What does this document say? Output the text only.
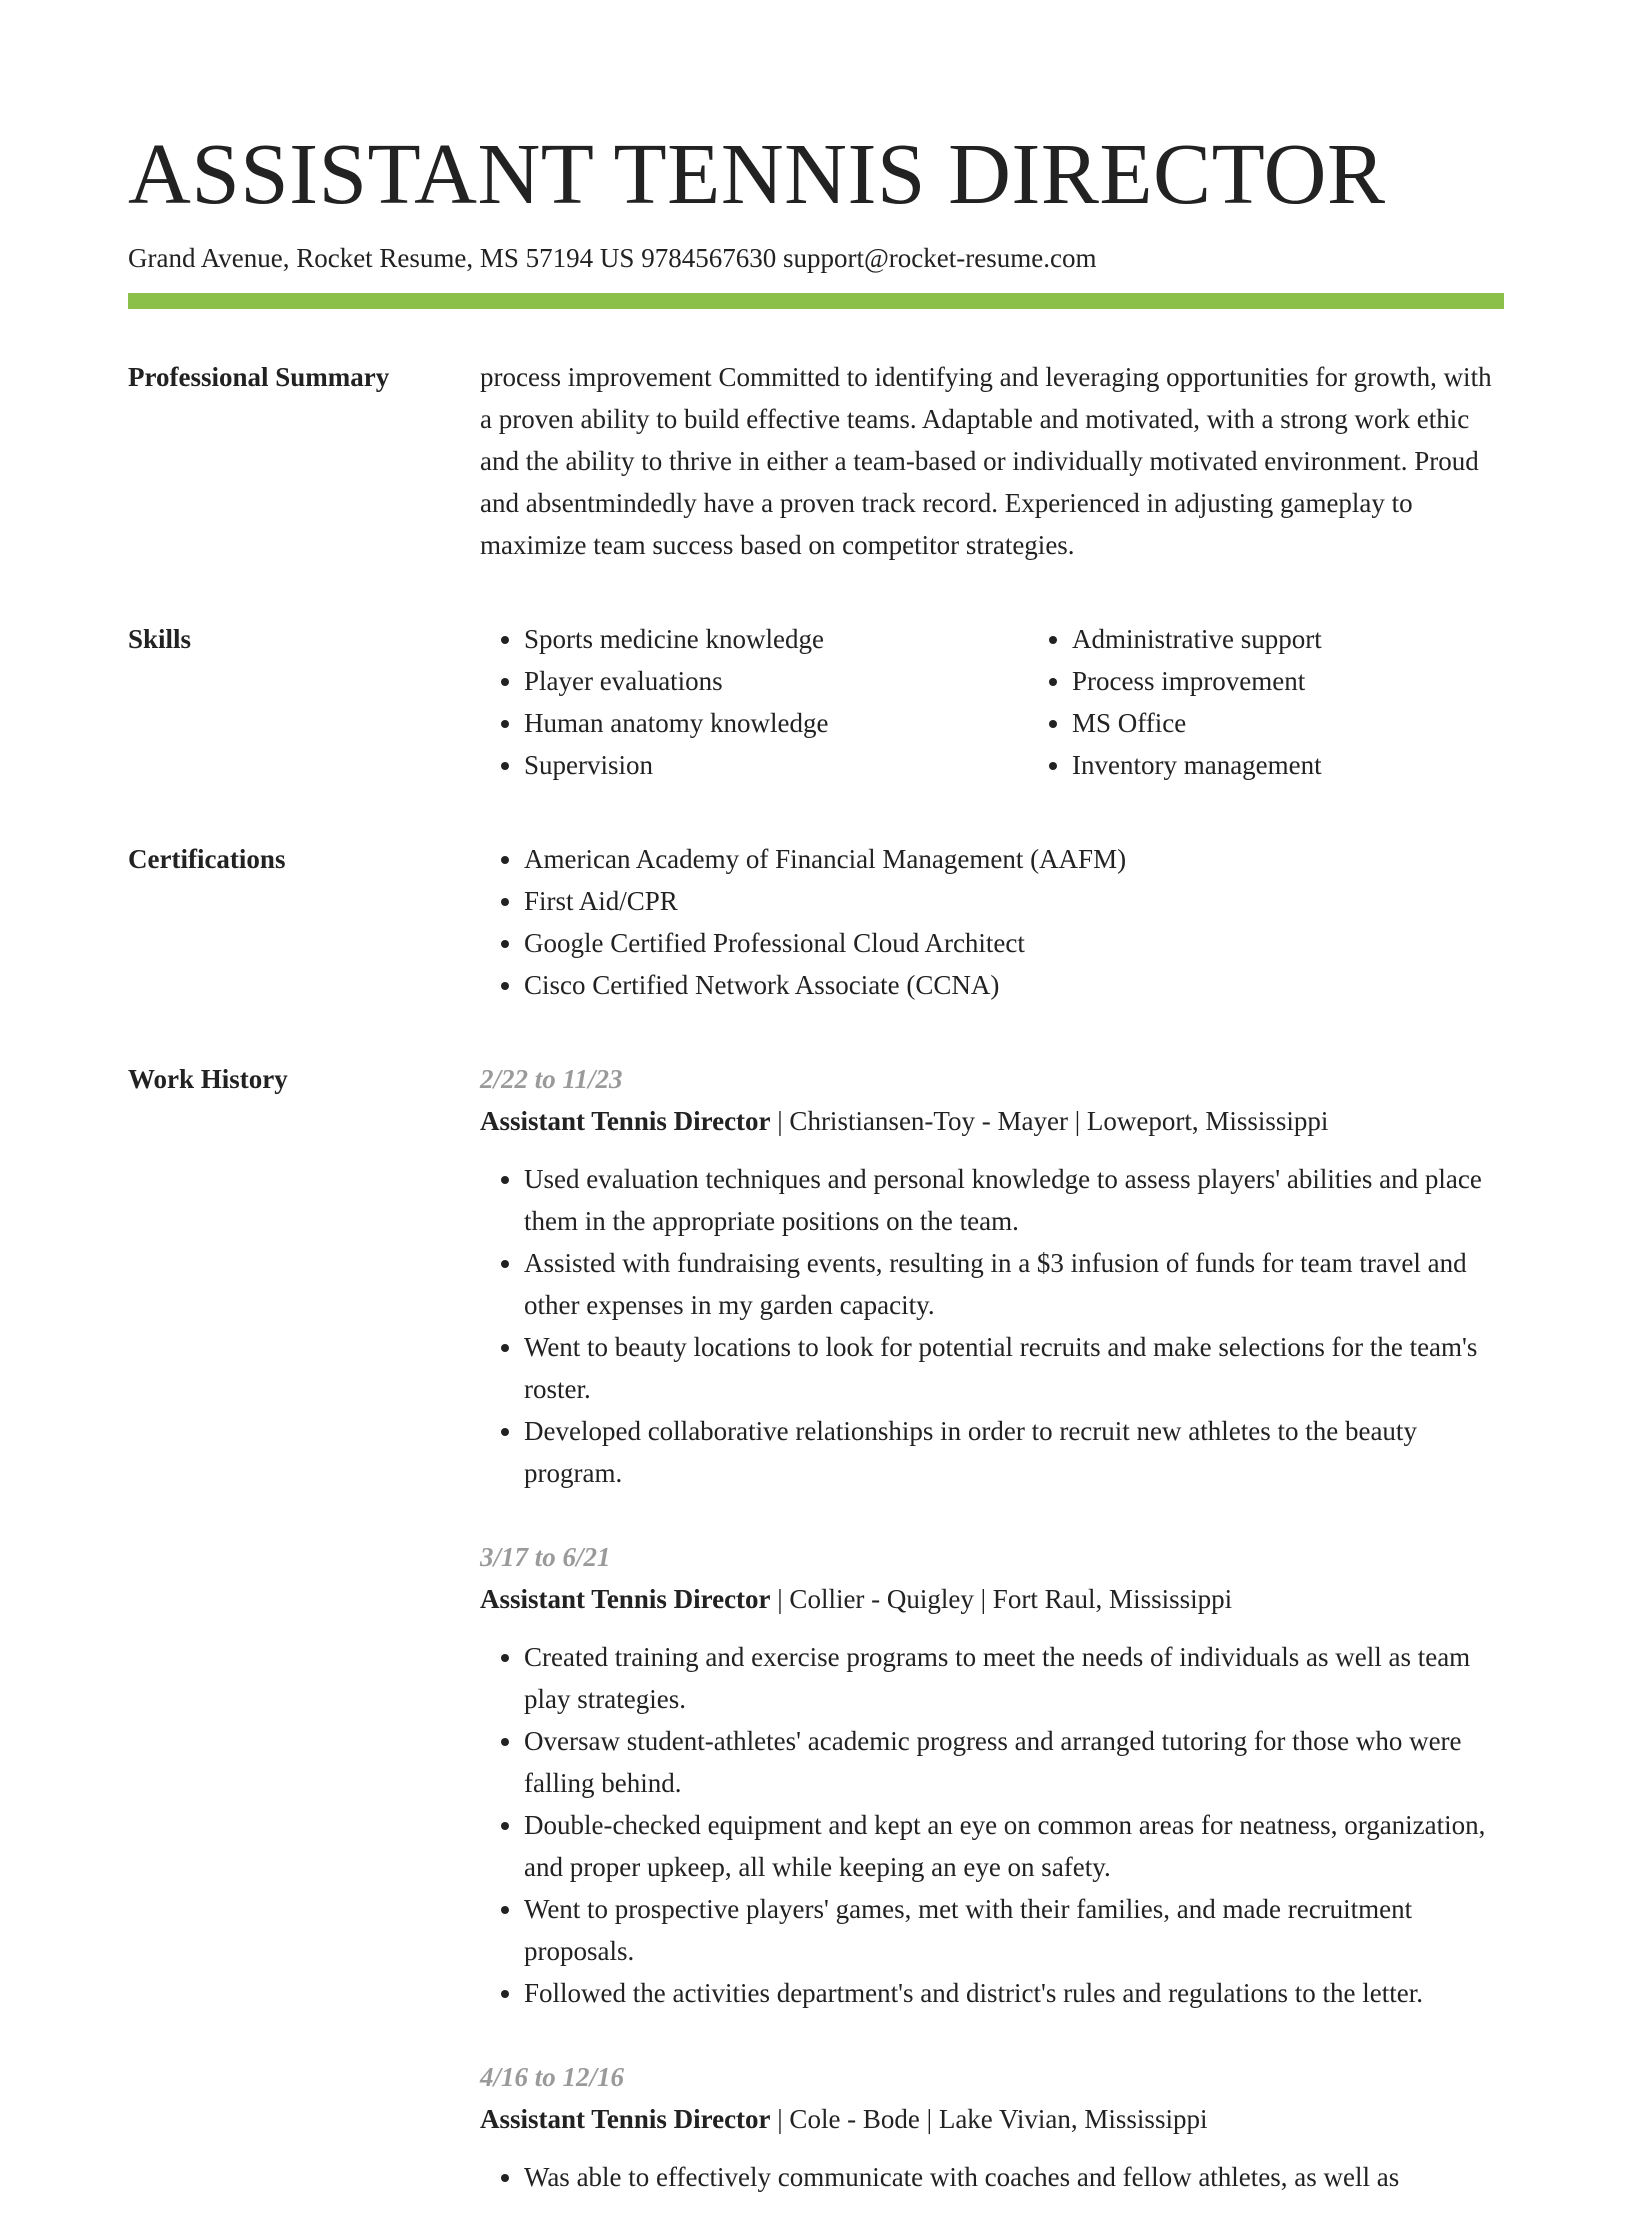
ASSISTANT TENNIS DIRECTOR
Grand Avenue, Rocket Resume, MS 57194 US 9784567630 support@rocket-resume.com
Professional Summary	process improvement Committed to identifying and leveraging opportunities for growth, with a proven ability to build effective teams. Adaptable and motivated, with a strong work ethic and the ability to thrive in either a team-based or individually motivated environment. Proud and absentmindedly have a proven track record. Experienced in adjusting gameplay to maximize team success based on competitor strategies.
Skills	• Sports medicine knowledge
• Player evaluations
• Human anatomy knowledge
• Supervision
• Administrative support
• Process improvement
• MS Office
• Inventory management
Certifications	• American Academy of Financial Management (AAFM)
• First Aid/CPR
• Google Certified Professional Cloud Architect
• Cisco Certified Network Associate (CCNA)
Work History	2/22 to 11/23
Assistant Tennis Director | Christiansen-Toy - Mayer | Loweport, Mississippi
• Used evaluation techniques and personal knowledge to assess players' abilities and place them in the appropriate positions on the team.
• Assisted with fundraising events, resulting in a $3 infusion of funds for team travel and other expenses in my garden capacity.
• Went to beauty locations to look for potential recruits and make selections for the team's roster.
• Developed collaborative relationships in order to recruit new athletes to the beauty program.
3/17 to 6/21
Assistant Tennis Director | Collier - Quigley | Fort Raul, Mississippi
• Created training and exercise programs to meet the needs of individuals as well as team play strategies.
• Oversaw student-athletes' academic progress and arranged tutoring for those who were falling behind.
• Double-checked equipment and kept an eye on common areas for neatness, organization, and proper upkeep, all while keeping an eye on safety.
• Went to prospective players' games, met with their families, and made recruitment proposals.
• Followed the activities department's and district's rules and regulations to the letter.
4/16 to 12/16
Assistant Tennis Director | Cole - Bode | Lake Vivian, Mississippi
• Was able to effectively communicate with coaches and fellow athletes, as well as
